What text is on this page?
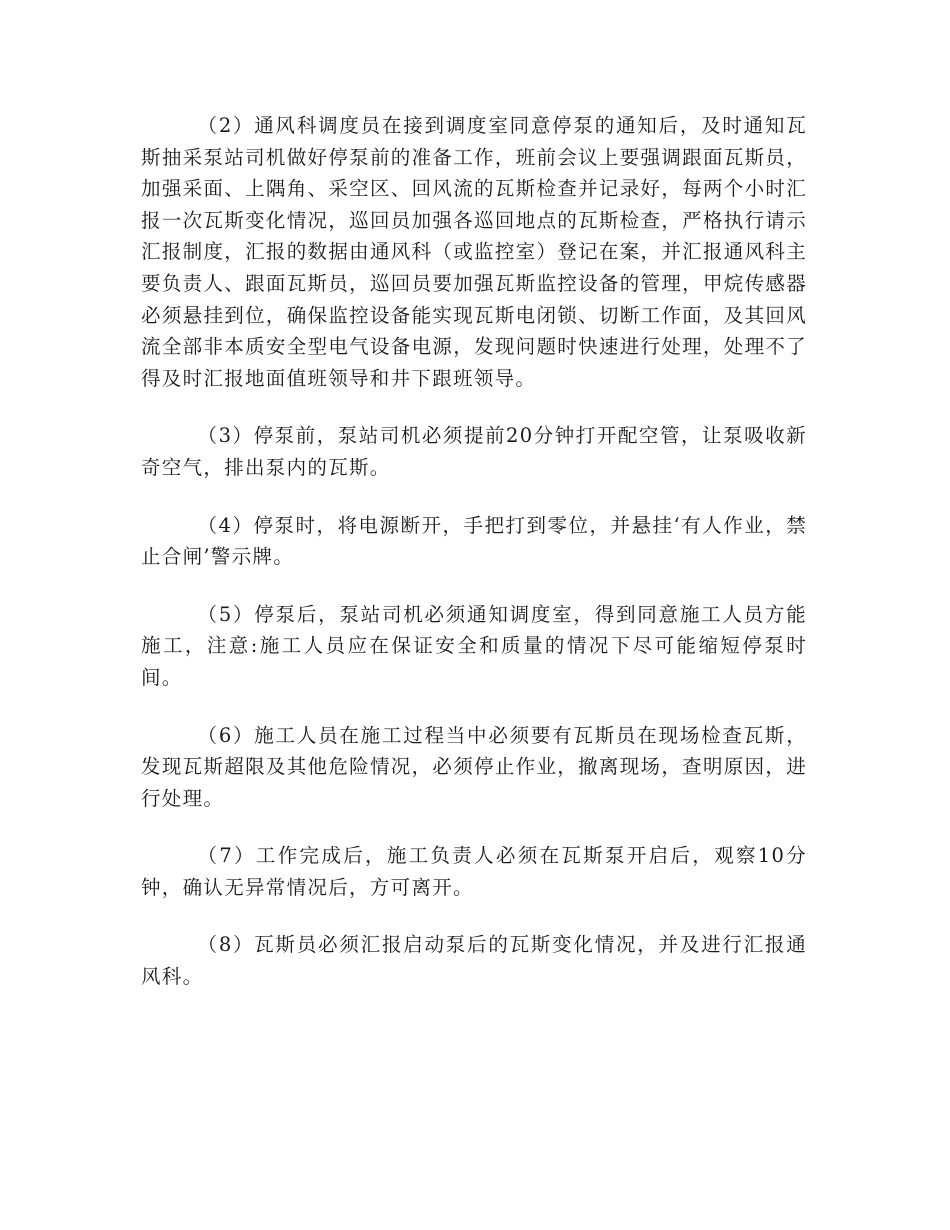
（2）通风科调度员在接到调度室同意停泵的通知后，及时通知瓦斯抽采泵站司机做好停泵前的准备工作，班前会议上要强调跟面瓦斯员，加强采面、上隅角、采空区、回风流的瓦斯检查并记录好，每两个小时汇报一次瓦斯变化情况，巡回员加强各巡回地点的瓦斯检查，严格执行请示汇报制度，汇报的数据由通风科（或监控室）登记在案，并汇报通风科主要负责人、跟面瓦斯员，巡回员要加强瓦斯监控设备的管理，甲烷传感器必须悬挂到位，确保监控设备能实现瓦斯电闭锁、切断工作面，及其回风流全部非本质安全型电气设备电源，发现问题时快速进行处理，处理不了得及时汇报地面值班领导和井下跟班领导。

（3）停泵前，泵站司机必须提前20分钟打开配空管，让泵吸收新奇空气，排出泵内的瓦斯。

（4）停泵时，将电源断开，手把打到零位，并悬挂‘有人作业，禁止合闸’警示牌。

（5）停泵后，泵站司机必须通知调度室，得到同意施工人员方能施工，注意:施工人员应在保证安全和质量的情况下尽可能缩短停泵时间。

（6）施工人员在施工过程当中必须要有瓦斯员在现场检查瓦斯，发现瓦斯超限及其他危险情况，必须停止作业，撤离现场，查明原因，进行处理。

（7）工作完成后，施工负责人必须在瓦斯泵开启后，观察10分钟，确认无异常情况后，方可离开。

（8）瓦斯员必须汇报启动泵后的瓦斯变化情况，并及进行汇报通风科。
